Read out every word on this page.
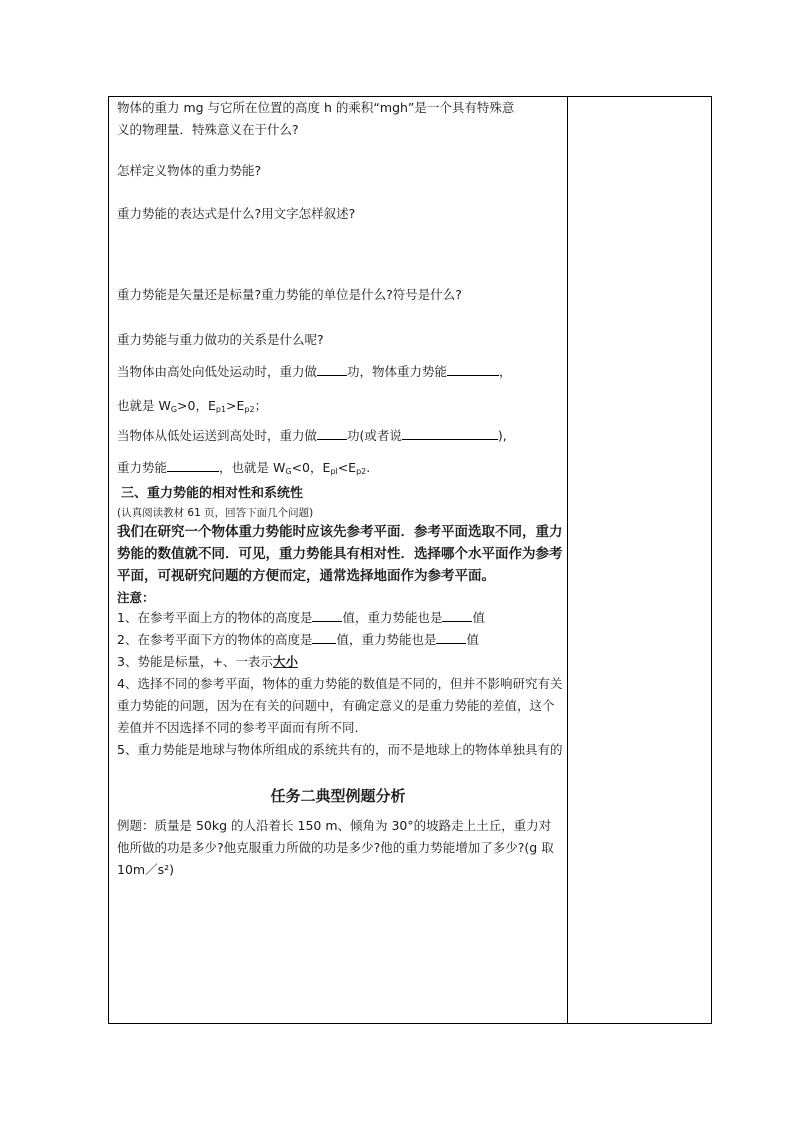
物体的重力 mg 与它所在位置的高度 h 的乘积“mgh”是一个具有特殊意
义的物理量．特殊意义在于什么?
怎样定义物体的重力势能?
重力势能的表达式是什么?用文字怎样叙述?
重力势能是矢量还是标量?重力势能的单位是什么?符号是什么?
重力势能与重力做功的关系是什么呢?
当物体由高处向低处运动时，重力做 功，物体重力势能	，
也就是 $W_G>0$，$E_{p1}>E_{p2}$；
当物体从低处运送到高处时，重力做 功(或者说	),
重力势能	，也就是 $W_G<0$，$E_{pl}<E_{p2}$.
三、重力势能的相对性和系统性
(认真阅读教材 61 页，回答下面几个问题)
我们在研究一个物体重力势能时应该先参考平面．参考平面选取不同，重力势能的数值就不同．可见，重力势能具有相对性．选择哪个水平面作为参考平面，可视研究问题的方便而定，通常选择地面作为参考平面。
注意：
1、在参考平面上方的物体的高度是 值，重力势能也是 值
2、在参考平面下方的物体的高度是 值，重力势能也是 值
3、势能是标量，+、一表示大小
4、选择不同的参考平面，物体的重力势能的数值是不同的，但并不影响研究有关重力势能的问题，因为在有关的问题中，有确定意义的是重力势能的差值，这个差值并不因选择不同的参考平面而有所不同.
5、重力势能是地球与物体所组成的系统共有的，而不是地球上的物体单独具有的
任务二典型例题分析
例题：质量是 50kg 的人沿着长 150 m、倾角为 30°的坡路走上土丘，重力对他所做的功是多少?他克服重力所做的功是多少?他的重力势能增加了多少?(g 取 10m／s²)
